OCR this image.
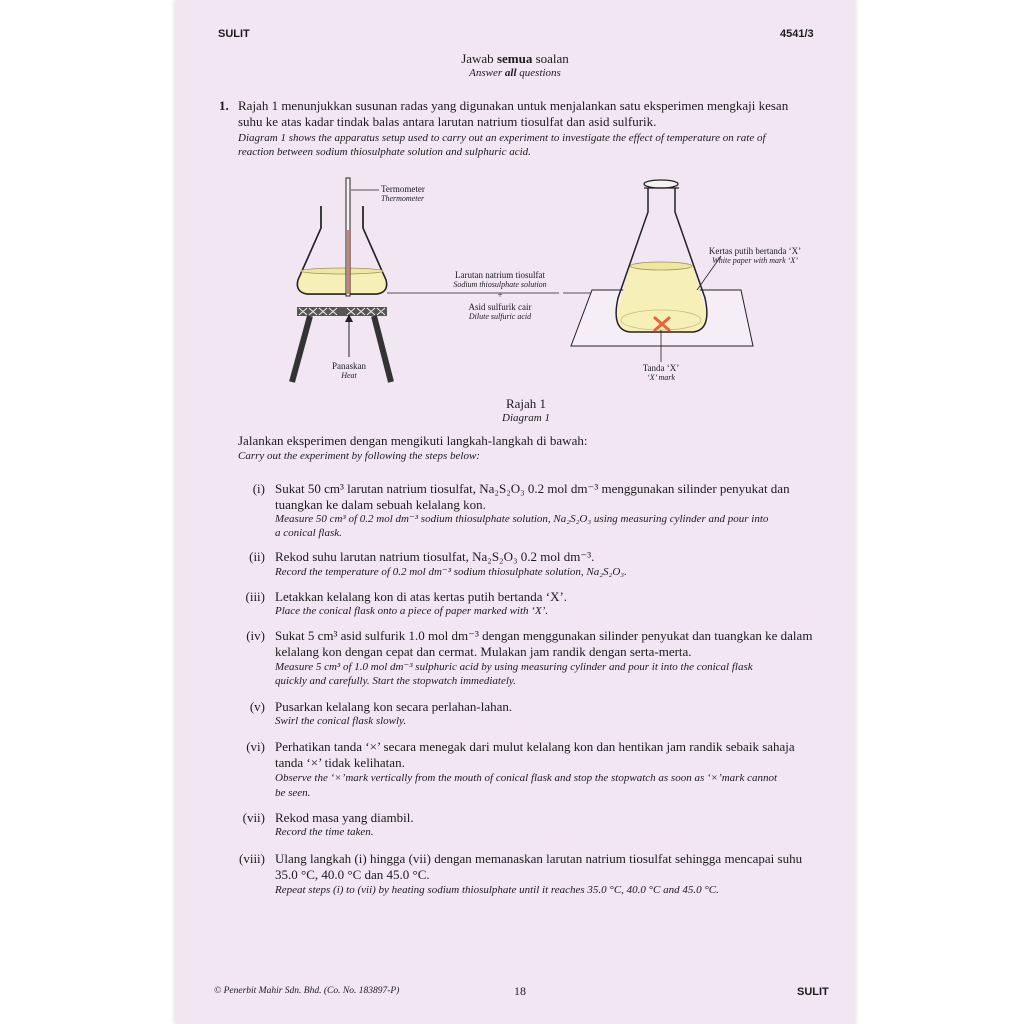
SULIT	4541/3
Jawab semua soalan
Answer all questions
1. Rajah 1 menunjukkan susunan radas yang digunakan untuk menjalankan satu eksperimen mengkaji kesan
suhu ke atas kadar tindak balas antara larutan natrium tiosulfat dan asid sulfurik.
Diagram 1 shows the apparatus setup used to carry out an experiment to investigate the effect of temperature on rate of
reaction between sodium thiosulphate solution and sulphuric acid.
Termometer
Thermometer
Larutan natrium tiosulfat
Sodium thiosulphate solution
+
Asid sulfurik cair
Dilute sulfuric acid
Panaskan
Heat
Kertas putih bertanda ‘X’
White paper with mark ‘X’
Tanda ‘X’
‘X’ mark
Rajah 1
Diagram 1
Jalankan eksperimen dengan mengikuti langkah-langkah di bawah:
Carry out the experiment by following the steps below:
(i) Sukat 50 cm³ larutan natrium tiosulfat, Na₂S₂O₃ 0.2 mol dm⁻³ menggunakan silinder penyukat dan
tuangkan ke dalam sebuah kelalang kon.
Measure 50 cm³ of 0.2 mol dm⁻³ sodium thiosulphate solution, Na₂S₂O₃ using measuring cylinder and pour into
a conical flask.
(ii) Rekod suhu larutan natrium tiosulfat, Na₂S₂O₃ 0.2 mol dm⁻³.
Record the temperature of 0.2 mol dm⁻³ sodium thiosulphate solution, Na₂S₂O₃.
(iii) Letakkan kelalang kon di atas kertas putih bertanda ‘X’.
Place the conical flask onto a piece of paper marked with ‘X’.
(iv) Sukat 5 cm³ asid sulfurik 1.0 mol dm⁻³ dengan menggunakan silinder penyukat dan tuangkan ke dalam
kelalang kon dengan cepat dan cermat. Mulakan jam randik dengan serta-merta.
Measure 5 cm³ of 1.0 mol dm⁻³ sulphuric acid by using measuring cylinder and pour it into the conical flask
quickly and carefully. Start the stopwatch immediately.
(v) Pusarkan kelalang kon secara perlahan-lahan.
Swirl the conical flask slowly.
(vi) Perhatikan tanda ‘×’ secara menegak dari mulut kelalang kon dan hentikan jam randik sebaik sahaja
tanda ‘×’ tidak kelihatan.
Observe the ‘×’mark vertically from the mouth of conical flask and stop the stopwatch as soon as ‘×’mark cannot
be seen.
(vii) Rekod masa yang diambil.
Record the time taken.
(viii) Ulang langkah (i) hingga (vii) dengan memanaskan larutan natrium tiosulfat sehingga mencapai suhu
35.0 °C, 40.0 °C dan 45.0 °C.
Repeat steps (i) to (vii) by heating sodium thiosulphate until it reaches 35.0 °C, 40.0 °C and 45.0 °C.
© Penerbit Mahir Sdn. Bhd. (Co. No. 183897-P)	18	SULIT
